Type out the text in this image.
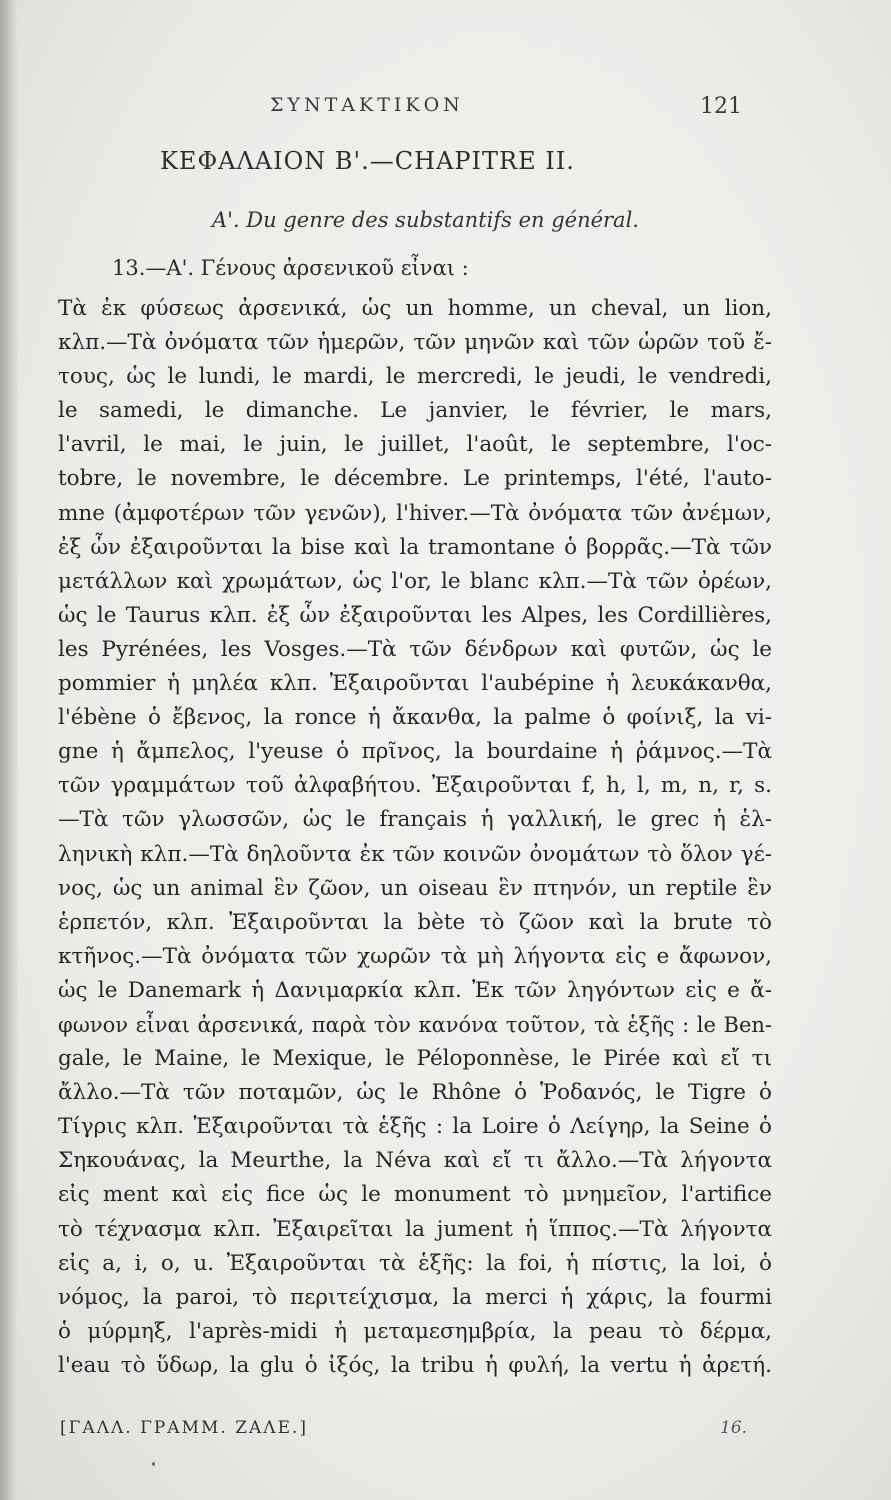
ΣΥΝΤΑΚΤΙΚΟΝ	121
ΚΕΦΑΛΑΙΟΝ Β'.—CHAPITRE II.
Α'. Du genre des substantifs en général.
13.—Α'. Γένους ἀρσενικοῦ εἶναι :
Τὰ ἐκ φύσεως ἀρσενικά, ὡς un homme, un cheval, un lion,
κλπ.—Τὰ ὀνόματα τῶν ἡμερῶν, τῶν μηνῶν καὶ τῶν ὡρῶν τοῦ ἔ-
τους, ὡς le lundi, le mardi, le mercredi, le jeudi, le vendredi,
le samedi, le dimanche. Le janvier, le février, le mars,
l'avril, le mai, le juin, le juillet, l'août, le septembre, l'oc-
tobre, le novembre, le décembre. Le printemps, l'été, l'auto-
mne (ἀμφοτέρων τῶν γενῶν), l'hiver.—Τὰ ὀνόματα τῶν ἀνέμων,
ἐξ ὧν ἐξαιροῦνται la bise καὶ la tramontane ὁ βορρᾶς.—Τὰ τῶν
μετάλλων καὶ χρωμάτων, ὡς l'or, le blanc κλπ.—Τὰ τῶν ὀρέων,
ὡς le Taurus κλπ. ἐξ ὧν ἐξαιροῦνται les Alpes, les Cordillières,
les Pyrénées, les Vosges.—Τὰ τῶν δένδρων καὶ φυτῶν, ὡς le
pommier ἡ μηλέα κλπ. Ἐξαιροῦνται l'aubépine ἡ λευκάκανθα,
l'ébène ὁ ἔβενος, la ronce ἡ ἄκανθα, la palme ὁ φοίνιξ, la vi-
gne ἡ ἄμπελος, l'yeuse ὁ πρῖνος, la bourdaine ἡ ῥάμνος.—Τὰ
τῶν γραμμάτων τοῦ ἀλφαβήτου. Ἐξαιροῦνται f, h, l, m, n, r, s.
—Τὰ τῶν γλωσσῶν, ὡς le français ἡ γαλλική, le grec ἡ ἑλ-
ληνικὴ κλπ.—Τὰ δηλοῦντα ἐκ τῶν κοινῶν ὀνομάτων τὸ ὅλον γέ-
νος, ὡς un animal ἓν ζῶον, un oiseau ἓν πτηνόν, un reptile ἓν
ἑρπετόν, κλπ. Ἐξαιροῦνται la bète τὸ ζῶον καὶ la brute τὸ
κτῆνος.—Τὰ ὀνόματα τῶν χωρῶν τὰ μὴ λήγοντα εἰς e ἄφωνον,
ὡς le Danemark ἡ Δανιμαρκία κλπ. Ἐκ τῶν ληγόντων εἰς e ἄ-
φωνον εἶναι ἀρσενικά, παρὰ τὸν κανόνα τοῦτον, τὰ ἑξῆς : le Ben-
gale, le Maine, le Mexique, le Péloponnèse, le Pirée καὶ εἴ τι
ἄλλο.—Τὰ τῶν ποταμῶν, ὡς le Rhône ὁ Ῥοδανός, le Tigre ὁ
Τίγρις κλπ. Ἐξαιροῦνται τὰ ἑξῆς : la Loire ὁ Λείγηρ, la Seine ὁ
Σηκουάνας, la Meurthe, la Néva καὶ εἴ τι ἄλλο.—Τὰ λήγοντα
εἰς ment καὶ εἰς fice ὡς le monument τὸ μνημεῖον, l'artifice
τὸ τέχνασμα κλπ. Ἐξαιρεῖται la jument ἡ ἵππος.—Τὰ λήγοντα
εἰς a, i, o, u. Ἐξαιροῦνται τὰ ἑξῆς: la foi, ἡ πίστις, la loi, ὁ
νόμος, la paroi, τὸ περιτείχισμα, la merci ἡ χάρις, la fourmi
ὁ μύρμηξ, l'après-midi ἡ μεταμεσημβρία, la peau τὸ δέρμα,
l'eau τὸ ὕδωρ, la glu ὁ ἰξός, la tribu ἡ φυλή, la vertu ἡ ἀρετή.
[ΓΑΛΛ. ΓΡΑΜΜ. ΖΑΛΕ.]	16.
